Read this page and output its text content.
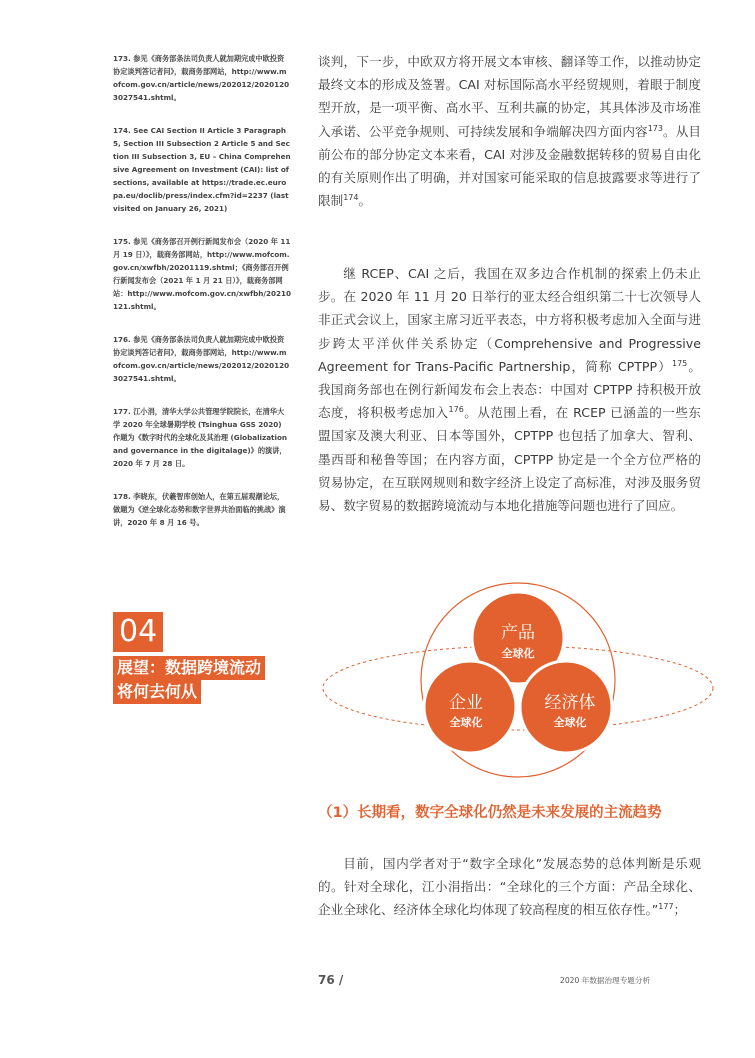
173. 参见《商务部条法司负责人就加期完成中欧投资协定谈判答记者问》，载商务部网站，http://www.mofcom.gov.cn/article/news/202012/20201203027541.shtml。
174. See CAI Section II Article 3 Paragraph 5, Section III Subsection 2 Article 5 and Section III Subsection 3, EU – China Comprehensive Agreement on Investment (CAI): list of sections, available at https://trade.ec.europa.eu/doclib/press/index.cfm?id=2237 (last visited on January 26, 2021)
175. 参见《商务部召开例行新闻发布会（2020 年 11 月 19 日）》，载商务部网站，http://www.mofcom.gov.cn/xwfbh/20201119.shtml；《商务部召开例行新闻发布会（2021 年 1 月 21 日）》，载商务部网站：http://www.mofcom.gov.cn/xwfbh/20210121.shtml。
176. 参见《商务部条法司负责人就加期完成中欧投资协定谈判答记者问》，载商务部网站，http://www.mofcom.gov.cn/article/news/202012/20201203027541.shtml。
177. 江小涓，清华大学公共管理学院院长，在清华大学 2020 年全球暑期学校 (Tsinghua GSS 2020) 作题为《数字时代的全球化及其治理 (Globalizationand governance in the digitalage)》的演讲，2020 年 7 月 28 日。
178. 李晓东，伏羲智库创始人，在第五届观潮论坛，做题为《逆全球化态势和数字世界共治面临的挑战》演讲，2020 年 8 月 16 号。

谈判，下一步，中欧双方将开展文本审核、翻译等工作，以推动协定最终文本的形成及签署。CAI 对标国际高水平经贸规则，着眼于制度型开放，是一项平衡、高水平、互利共赢的协定，其具体涉及市场准入承诺、公平竞争规则、可持续发展和争端解决四方面内容$^{173}$。从目前公布的部分协定文本来看，CAI 对涉及金融数据转移的贸易自由化的有关原则作出了明确，并对国家可能采取的信息披露要求等进行了限制$^{174}$。

继 RCEP、CAI 之后，我国在双多边合作机制的探索上仍未止步。在 2020 年 11 月 20 日举行的亚太经合组织第二十七次领导人非正式会议上，国家主席习近平表态，中方将积极考虑加入全面与进步跨太平洋伙伴关系协定（Comprehensive and Progressive Agreement for Trans-Pacific Partnership，简称 CPTPP）$^{175}$。我国商务部也在例行新闻发布会上表态：中国对 CPTPP 持积极开放态度，将积极考虑加入$^{176}$。从范围上看，在 RCEP 已涵盖的一些东盟国家及澳大利亚、日本等国外，CPTPP 也包括了加拿大、智利、墨西哥和秘鲁等国；在内容方面，CPTPP 协定是一个全方位严格的贸易协定，在互联网规则和数字经济上设定了高标准，对涉及服务贸易、数字贸易的数据跨境流动与本地化措施等问题也进行了回应。

04
展望：数据跨境流动
将何去何从
产品
全球化
企业
全球化
经济体
全球化
（1）长期看，数字全球化仍然是未来发展的主流趋势

目前，国内学者对于“数字全球化”发展态势的总体判断是乐观的。针对全球化，江小涓指出：“全球化的三个方面：产品全球化、企业全球化、经济体全球化均体现了较高程度的相互依存性。”$^{177}$；

76 /	2020 年数据治理专题分析
